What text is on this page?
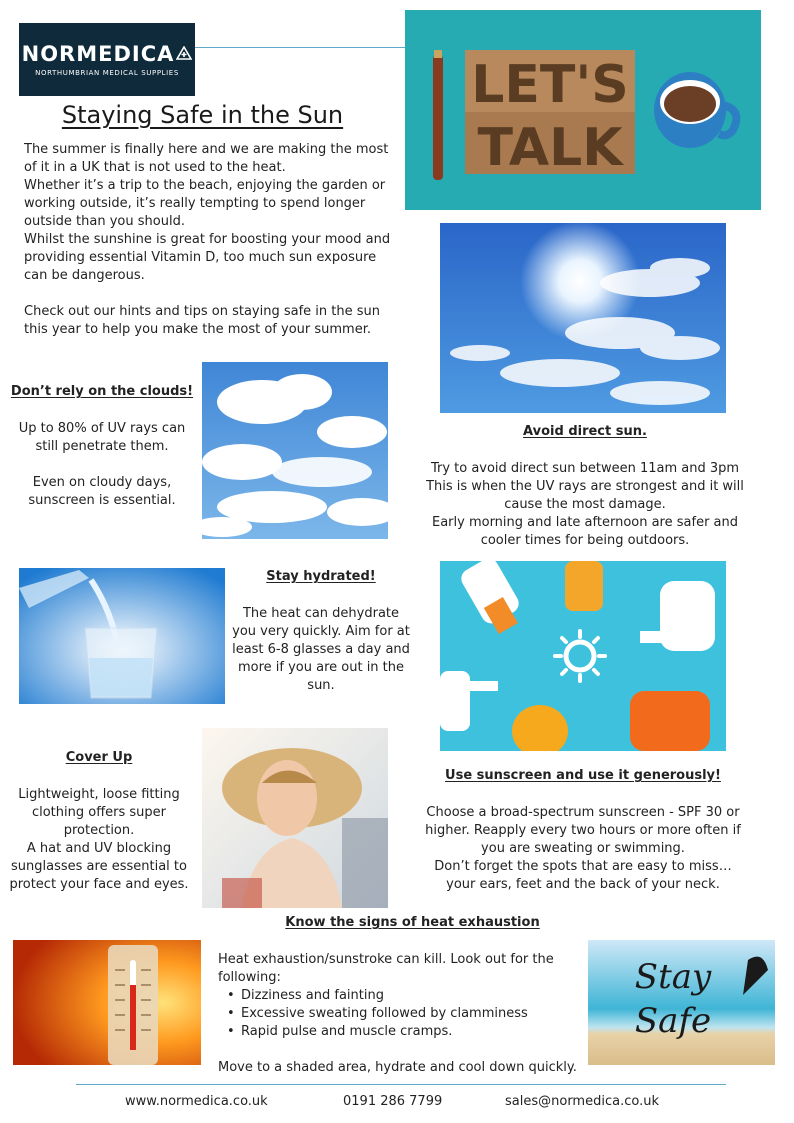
NORMEDICA
NORTHUMBRIAN MEDICAL SUPPLIES
Staying Safe in the Sun

The summer is finally here and we are making the most of it in a UK that is not used to the heat.

Whether it’s a trip to the beach, enjoying the garden or working outside, it’s really tempting to spend longer outside than you should.

Whilst the sunshine is great for boosting your mood and providing essential Vitamin D, too much sun exposure can be dangerous.

Check out our hints and tips on staying safe in the sun this year to help you make the most of your summer.

LET'S
TALK
Don’t rely on the clouds!
Up to 80% of UV rays can still penetrate them.
Even on cloudy days, sunscreen is essential.
Avoid direct sun.
Try to avoid direct sun between 11am and 3pm This is when the UV rays are strongest and it will cause the most damage.
Early morning and late afternoon are safer and cooler times for being outdoors.
Stay hydrated!
The heat can dehydrate you very quickly. Aim for at least 6-8 glasses a day and more if you are out in the sun.
Use sunscreen and use it generously!
Choose a broad-spectrum sunscreen - SPF 30 or higher. Reapply every two hours or more often if you are sweating or swimming.
Don’t forget the spots that are easy to miss… your ears, feet and the back of your neck.
Cover Up
Lightweight, loose fitting clothing offers super protection.
A hat and UV blocking sunglasses are essential to protect your face and eyes.
Know the signs of heat exhaustion
Heat exhaustion/sunstroke can kill. Look out for the following:
• Dizziness and fainting
• Excessive sweating followed by clamminess
• Rapid pulse and muscle cramps.
Move to a shaded area, hydrate and cool down quickly.
Stay
Safe
www.normedica.co.uk	0191 286 7799	sales@normedica.co.uk
